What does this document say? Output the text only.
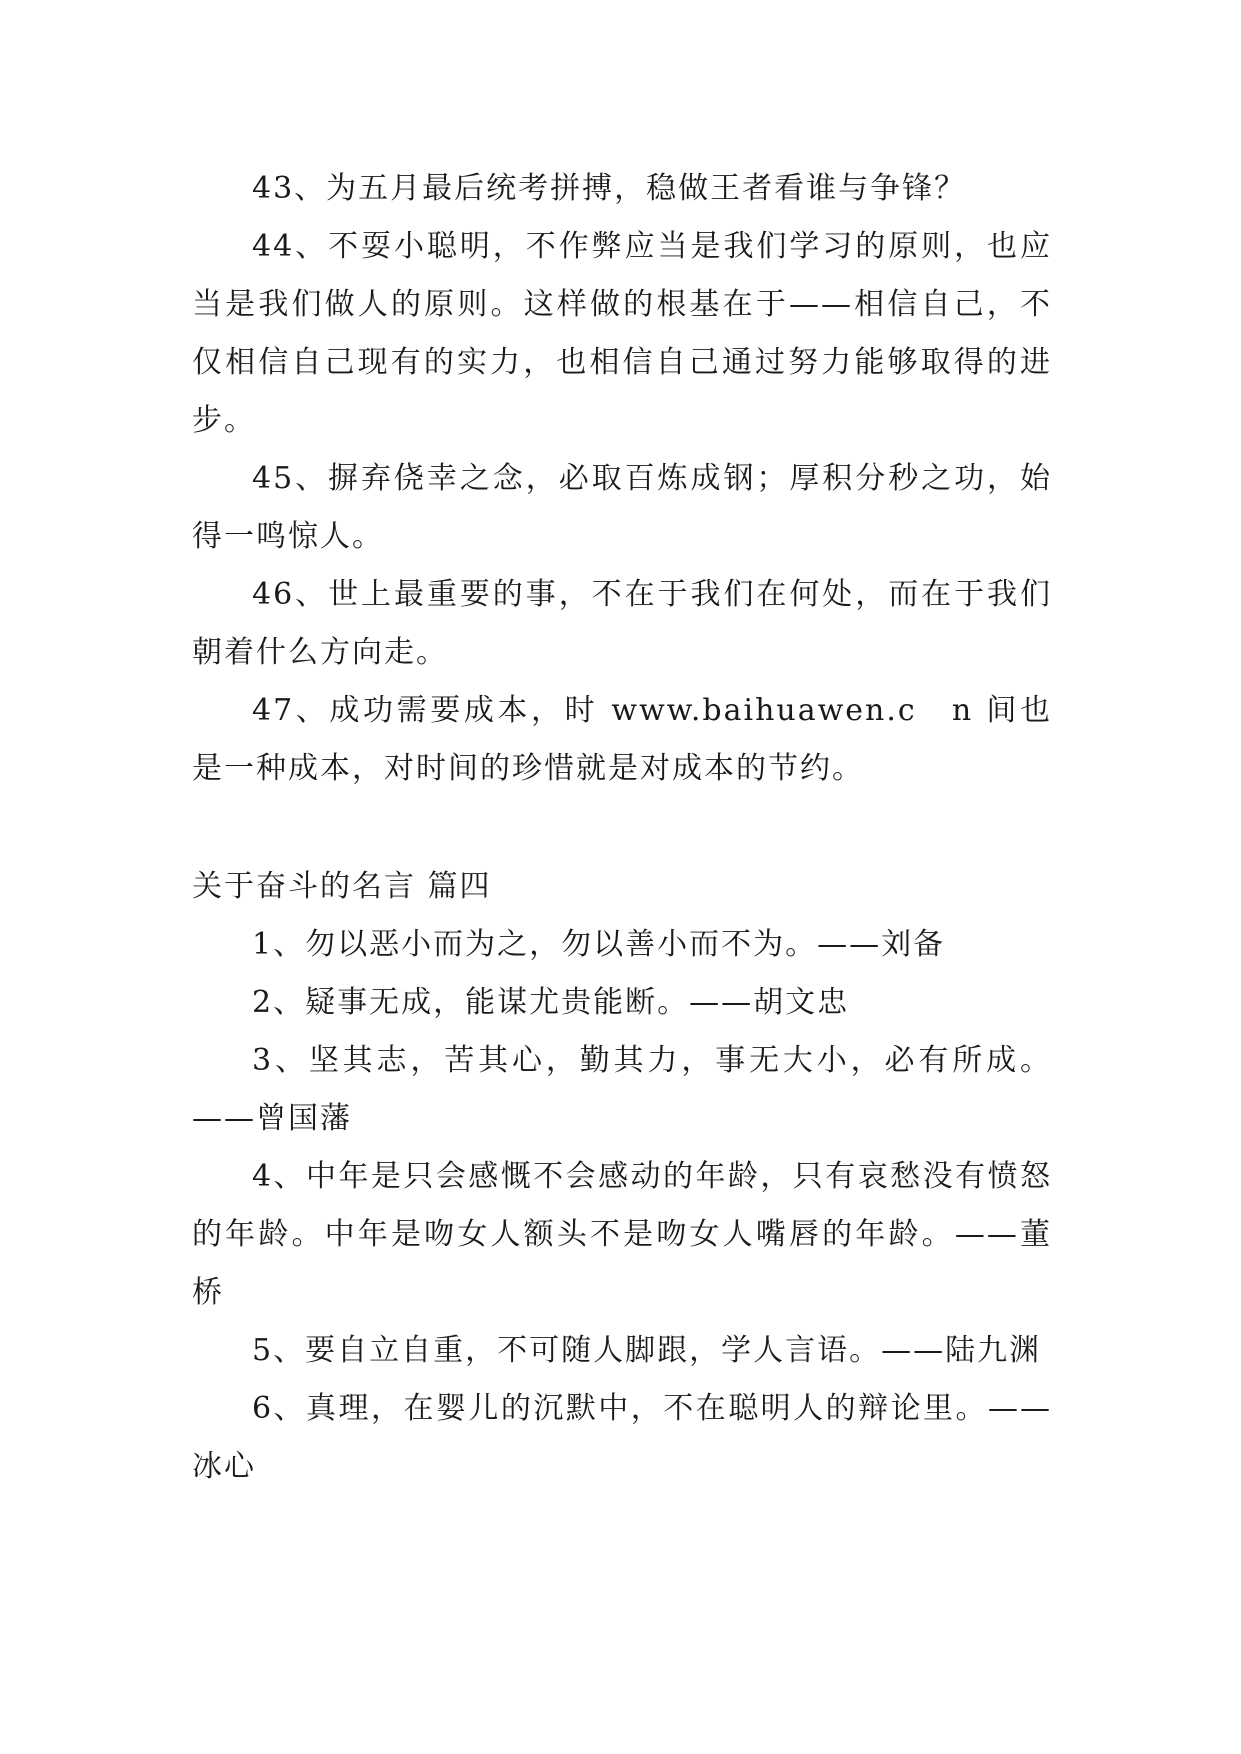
43、为五月最后统考拼搏，稳做王者看谁与争锋？

44、不耍小聪明，不作弊应当是我们学习的原则，也应当是我们做人的原则。这样做的根基在于——相信自己，不仅相信自己现有的实力，也相信自己通过努力能够取得的进步。

45、摒弃侥幸之念，必取百炼成钢；厚积分秒之功，始得一鸣惊人。

46、世上最重要的事，不在于我们在何处，而在于我们朝着什么方向走。

47、成功需要成本，时 www.baihuawen.c　n 间也是一种成本，对时间的珍惜就是对成本的节约。

关于奋斗的名言 篇四

1、勿以恶小而为之，勿以善小而不为。——刘备

2、疑事无成，能谋尤贵能断。——胡文忠

3、坚其志，苦其心，勤其力，事无大小，必有所成。——曾国藩

4、中年是只会感慨不会感动的年龄，只有哀愁没有愤怒的年龄。中年是吻女人额头不是吻女人嘴唇的年龄。——董桥

5、要自立自重，不可随人脚跟，学人言语。——陆九渊

6、真理，在婴儿的沉默中，不在聪明人的辩论里。——冰心
